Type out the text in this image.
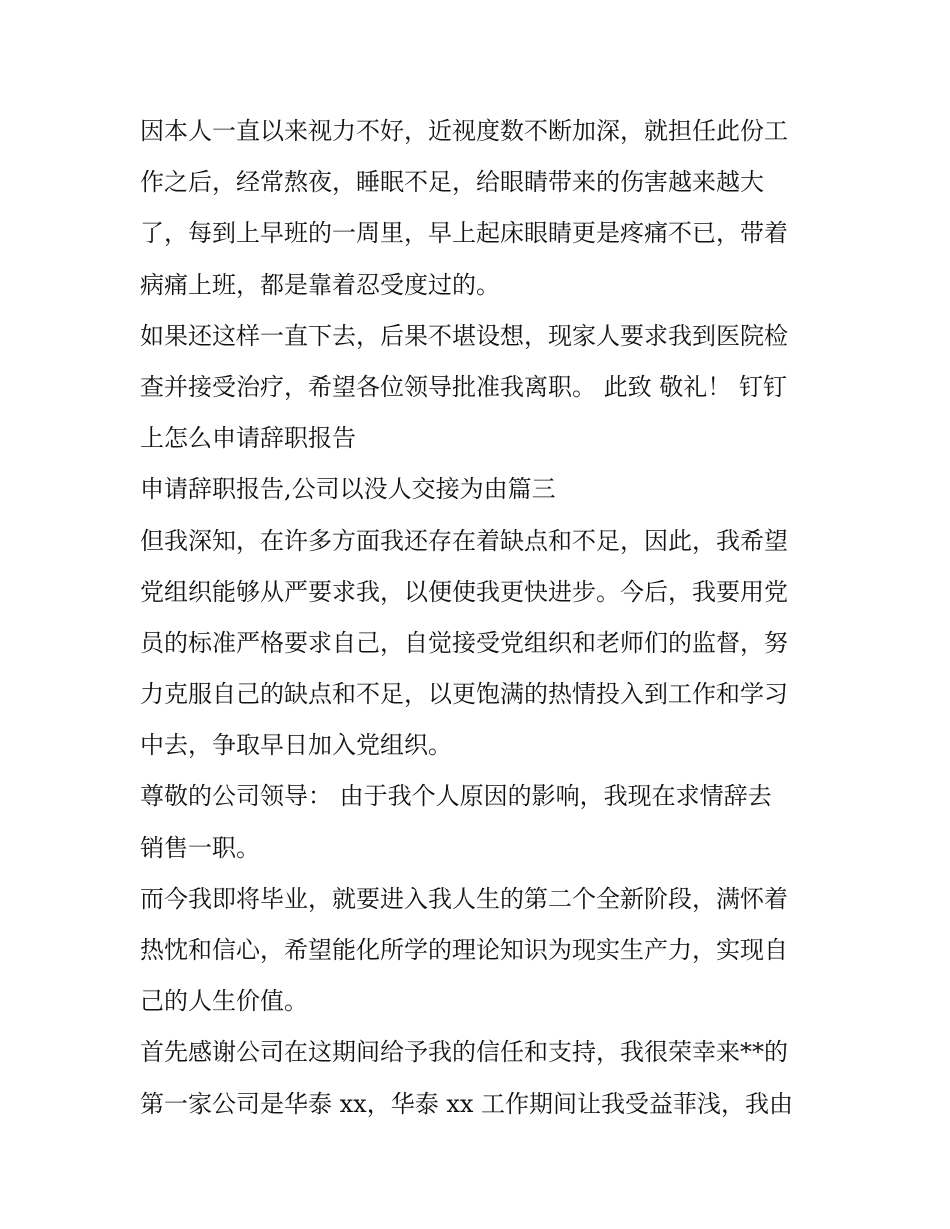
因本人一直以来视力不好，近视度数不断加深，就担任此份工
作之后，经常熬夜，睡眠不足，给眼睛带来的伤害越来越大
了，每到上早班的一周里，早上起床眼睛更是疼痛不已，带着
病痛上班，都是靠着忍受度过的。
如果还这样一直下去，后果不堪设想，现家人要求我到医院检
查并接受治疗，希望各位领导批准我离职。 此致 敬礼！ 钉钉
上怎么申请辞职报告
申请辞职报告,公司以没人交接为由篇三
但我深知，在许多方面我还存在着缺点和不足，因此，我希望
党组织能够从严要求我，以便使我更快进步。今后，我要用党
员的标准严格要求自己，自觉接受党组织和老师们的监督，努
力克服自己的缺点和不足，以更饱满的热情投入到工作和学习
中去，争取早日加入党组织。
尊敬的公司领导： 由于我个人原因的影响，我现在求情辞去
销售一职。
而今我即将毕业，就要进入我人生的第二个全新阶段，满怀着
热忱和信心，希望能化所学的理论知识为现实生产力，实现自
己的人生价值。
首先感谢公司在这期间给予我的信任和支持，我很荣幸来**的
第一家公司是华泰 xx，华泰 xx 工作期间让我受益菲浅，我由
